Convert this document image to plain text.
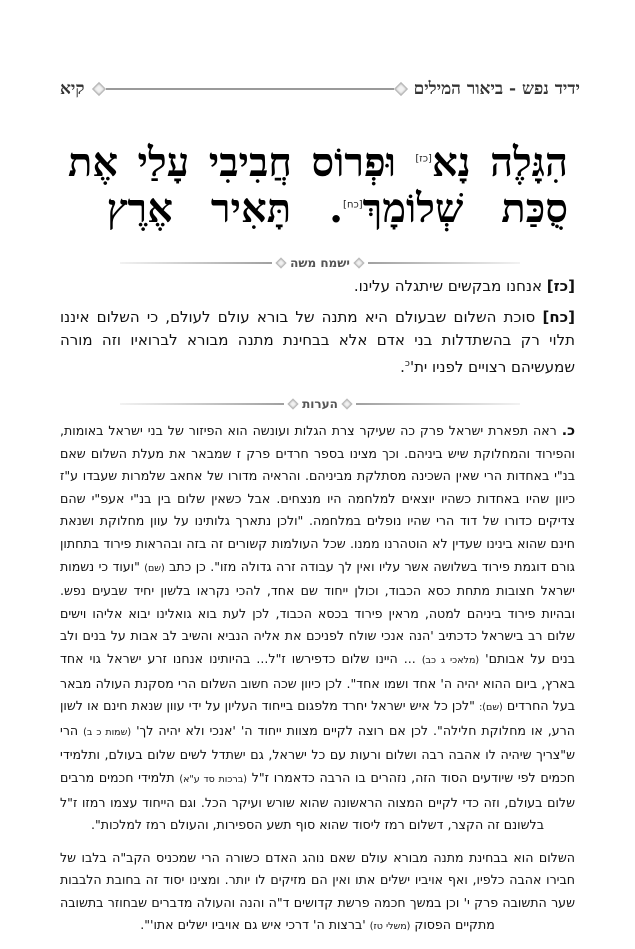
ידיד נפש - ביאור המילים
קיא
הִגָּלֶה
נָא[כז]
וּפְרוֹס
חֲבִיבִי
עָלַי
אֶת
סֻכַּת
שְׁלוֹמָךְ[כח].
תָּאִיר
אֶרֶץ
ישמח משה

[כז] אנחנו מבקשים שיתגלה עלינו.

[כח] סוכת השלום שבעולם היא מתנה של בורא עולם לעולם, כי השלום איננו תלוי רק בהשתדלות בני אדם אלא בבחינת מתנה מבורא לברואיו וזה מורה שמעשיהם רצויים לפניו $ית'^כ$.

הערות

כ. ראה תפארת ישראל פרק כה שעיקר צרת הגלות ועונשה הוא הפיזור של בני ישראל באומות, והפירוד והמחלוקת שיש ביניהם. וכך מצינו בספר חרדים פרק ז שמבאר את מעלת השלום שאם בנ"י באחדות הרי שאין השכינה מסתלקת מביניהם. והראיה מדורו של אחאב שלמרות שעבדו ע"ז כיוון שהיו באחדות כשהיו יוצאים למלחמה היו מנצחים. אבל כשאין שלום בין בנ"י אעפ"י שהם צדיקים כדורו של דוד הרי שהיו נופלים במלחמה. "ולכן נתארך גלותינו על עוון מחלוקת ושנאת חינם שהוא בינינו שעדין לא הוטהרנו ממנו. שכל העולמות קשורים זה בזה ובהראות פירוד בתחתון גורם דוגמת פירוד בשלושה אשר עליו ואין לך עבודה זרה גדולה מזו". כן כתב (שם) "ועוד כי נשמות ישראל חצובות מתחת כסא הכבוד, וכולן ייחוד שם אחד, להכי נקראו בלשון יחיד שבעים נפש. ובהיות פירוד ביניהם למטה, מראין פירוד בכסא הכבוד, לכן לעת בוא גואלינו יבוא אליהו וישים שלום רב בישראל כדכתיב 'הנה אנכי שולח לפניכם את אליה הנביא והשיב לב אבות על בנים ולב בנים על אבותם' (מלאכי ג כב) ... היינו שלום כדפירשו ז"ל... בהיותינו אנחנו זרע ישראל גוי אחד בארץ, ביום ההוא יהיה ה' אחד ושמו אחד". לכן כיוון שכה חשוב השלום הרי מסקנת העולה מבאר בעל החרדים (שם): "לכן כל איש ישראל יחרד מלפגום בייחוד העליון על ידי עוון שנאת חינם או לשון הרע, או מחלוקת חלילה". לכן אם רוצה לקיים מצוות ייחוד ה' 'אנכי ולא יהיה לך' (שמות כ ב) הרי ש"צריך שיהיה לו אהבה רבה ושלום ורעות עם כל ישראל, גם ישתדל לשים שלום בעולם, ותלמידי חכמים לפי שיודעים הסוד הזה, נזהרים בו הרבה כדאמרו ז"ל (ברכות סד ע"א) תלמידי חכמים מרבים שלום בעולם, וזה כדי לקיים המצוה הראשונה שהוא שורש ועיקר הכל. וגם הייחוד עצמו רמזו ז"ל בלשונם זה הקצר, דשלום רמז ליסוד שהוא סוף תשע הספירות, והעולם רמז למלכות".

השלום הוא בבחינת מתנה מבורא עולם שאם נוהג האדם כשורה הרי שמכניס הקב"ה בלבו של חבירו אהבה כלפיו, ואף אויביו ישלים אתו ואין הם מזיקים לו יותר. ומצינו יסוד זה בחובת הלבבות שער התשובה פרק י' וכן במשך חכמה פרשת קדושים ד"ה והנה והעולה מדברים שבחוזר בתשובה מתקיים הפסוק (משלי טז) 'ברצות ה' דרכי איש גם אויביו ישלים אתו'".
